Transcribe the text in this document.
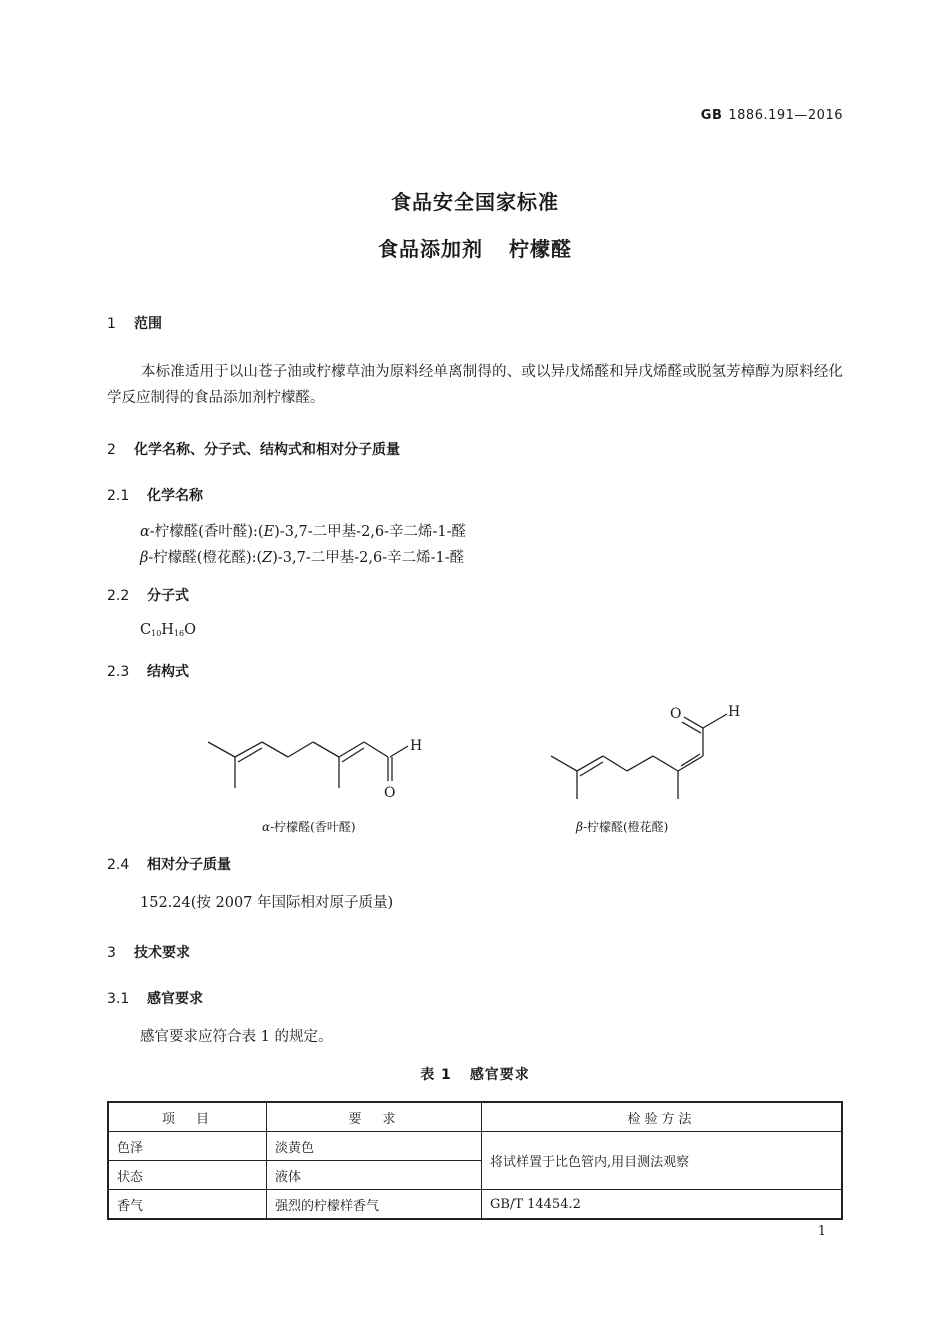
GB 1886.191—2016
食品安全国家标准
食品添加剂 柠檬醛
1 范围
本标准适用于以山苍子油或柠檬草油为原料经单离制得的、或以异戊烯醛和异戊烯醛或脱氢芳樟醇为原料经化学反应制得的食品添加剂柠檬醛。
2 化学名称、分子式、结构式和相对分子质量
2.1 化学名称
α-柠檬醛(香叶醛):(E)-3,7-二甲基-2,6-辛二烯-1-醛
β-柠檬醛(橙花醛):(Z)-3,7-二甲基-2,6-辛二烯-1-醛
2.2 分子式
$C_{10}H_{16}O$
2.3 结构式
H
O
O	H
α-柠檬醛(香叶醛)	β-柠檬醛(橙花醛)
2.4 相对分子质量
152.24(按 2007 年国际相对原子质量)
3 技术要求
3.1 感官要求
感官要求应符合表 1 的规定。
表 1 感官要求
项　目	要　求	检验方法
色泽	淡黄色	将试样置于比色管内,用目测法观察
状态	液体	
香气	强烈的柠檬样香气	GB/T 14454.2
1
